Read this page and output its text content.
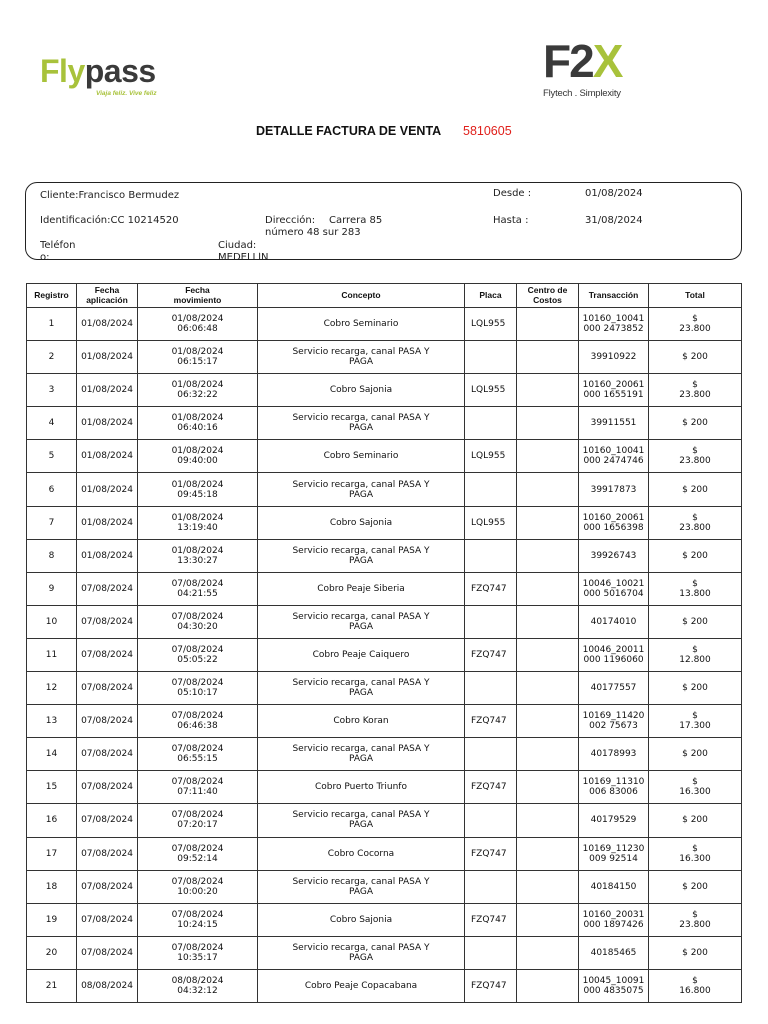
Flypass
Viaja feliz. Vive feliz
F2X
Flytech . Simplexity
DETALLE FACTURA DE VENTA 5810605
Cliente:Francisco Bermudez
Identificación:CC 10214520	Dirección:	Carrera 85 número 48 sur 283
Teléfono:
Ciudad:
MEDELLÍN
Desde :	01/08/2024
Hasta :	31/08/2024
Registro	Fecha aplicación	Fecha movimiento	Concepto	Placa	Centro de Costos	Transacción	Total
1	01/08/2024	01/08/2024 06:06:48	Cobro Seminario	LQL955		10160_10041000 2473852	$ 23.800
2	01/08/2024	01/08/2024 06:15:17	Servicio recarga, canal PASA Y PAGA			39910922	$ 200
3	01/08/2024	01/08/2024 06:32:22	Cobro Sajonia	LQL955		10160_20061000 1655191	$ 23.800
4	01/08/2024	01/08/2024 06:40:16	Servicio recarga, canal PASA Y PAGA			39911551	$ 200
5	01/08/2024	01/08/2024 09:40:00	Cobro Seminario	LQL955		10160_10041000 2474746	$ 23.800
6	01/08/2024	01/08/2024 09:45:18	Servicio recarga, canal PASA Y PAGA			39917873	$ 200
7	01/08/2024	01/08/2024 13:19:40	Cobro Sajonia	LQL955		10160_20061000 1656398	$ 23.800
8	01/08/2024	01/08/2024 13:30:27	Servicio recarga, canal PASA Y PAGA			39926743	$ 200
9	07/08/2024	07/08/2024 04:21:55	Cobro Peaje Siberia	FZQ747		10046_10021000 5016704	$ 13.800
10	07/08/2024	07/08/2024 04:30:20	Servicio recarga, canal PASA Y PAGA			40174010	$ 200
11	07/08/2024	07/08/2024 05:05:22	Cobro Peaje Caiquero	FZQ747		10046_20011000 1196060	$ 12.800
12	07/08/2024	07/08/2024 05:10:17	Servicio recarga, canal PASA Y PAGA			40177557	$ 200
13	07/08/2024	07/08/2024 06:46:38	Cobro Koran	FZQ747		10169_11420002 75673	$ 17.300
14	07/08/2024	07/08/2024 06:55:15	Servicio recarga, canal PASA Y PAGA			40178993	$ 200
15	07/08/2024	07/08/2024 07:11:40	Cobro Puerto Triunfo	FZQ747		10169_11310006 83006	$ 16.300
16	07/08/2024	07/08/2024 07:20:17	Servicio recarga, canal PASA Y PAGA			40179529	$ 200
17	07/08/2024	07/08/2024 09:52:14	Cobro Cocorna	FZQ747		10169_11230009 92514	$ 16.300
18	07/08/2024	07/08/2024 10:00:20	Servicio recarga, canal PASA Y PAGA			40184150	$ 200
19	07/08/2024	07/08/2024 10:24:15	Cobro Sajonia	FZQ747		10160_20031000 1897426	$ 23.800
20	07/08/2024	07/08/2024 10:35:17	Servicio recarga, canal PASA Y PAGA			40185465	$ 200
21	08/08/2024	08/08/2024 04:32:12	Cobro Peaje Copacabana	FZQ747		10045_10091000 4835075	$ 16.800
